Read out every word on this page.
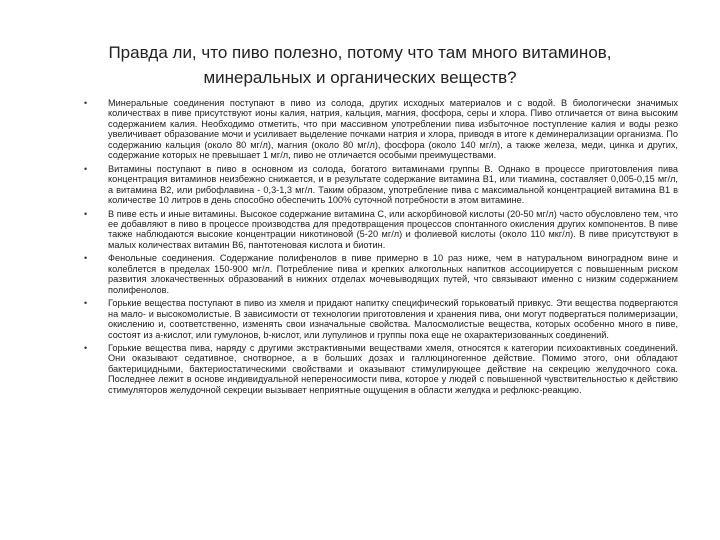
Правда ли, что пиво полезно, потому что там много витаминов, минеральных и органических веществ?
• Минеральные соединения поступают в пиво из солода, других исходных материалов и с водой. В биологически значимых количествах в пиве присутствуют ионы калия, натрия, кальция, магния, фосфора, серы и хлора. Пиво отличается от вина высоким содержанием калия. Необходимо отметить, что при массивном употреблении пива избыточное поступление калия и воды резко увеличивает образование мочи и усиливает выделение почками натрия и хлора, приводя в итоге к деминерализации организма. По содержанию кальция (около 80 мг/л), магния (около 80 мг/л), фосфора (около 140 мг/л), а также железа, меди, цинка и других, содержание которых не превышает 1 мг/л, пиво не отличается особыми преимуществами.
• Витамины поступают в пиво в основном из солода, богатого витаминами группы В. Однако в процессе приготовления пива концентрация витаминов неизбежно снижается, и в результате содержание витамина В1, или тиамина, составляет 0,005-0,15 мг/л, а витамина В2, или рибофлавина - 0,3-1,3 мг/л. Таким образом, употребление пива с максимальной концентрацией витамина В1 в количестве 10 литров в день способно обеспечить 100% суточной потребности в этом витамине.
• В пиве есть и иные витамины. Высокое содержание витамина С, или аскорбиновой кислоты (20-50 мг/л) часто обусловлено тем, что ее добавляют в пиво в процессе производства для предотвращения процессов спонтанного окисления других компонентов. В пиве также наблюдаются высокие концентрации никотиновой (5-20 мг/л) и фолиевой кислоты (около 110 мкг/л). В пиве присутствуют в малых количествах витамин В6, пантотеновая кислота и биотин.
• Фенольные соединения. Содержание полифенолов в пиве примерно в 10 раз ниже, чем в натуральном виноградном вине и колеблется в пределах 150-900 мг/л. Потребление пива и крепких алкогольных напитков ассоциируется с повышенным риском развития злокачественных образований в нижних отделах мочевыводящих путей, что связывают именно с низким содержанием полифенолов.
• Горькие вещества поступают в пиво из хмеля и придают напитку специфический горьковатый привкус. Эти вещества подвергаются на мало- и высокомолистые. В зависимости от технологии приготовления и хранения пива, они могут подвергаться полимеризации, окислению и, соответственно, изменять свои изначальные свойства. Малосмолистые вещества, которых особенно много в пиве, состоят из а-кислот, или гумулонов, b-кислот, или лупулинов и группы пока еще не охарактеризованных соединений.
• Горькие вещества пива, наряду с другими экстрактивными веществами хмеля, относятся к категории психоактивных соединений. Они оказывают седативное, снотворное, а в больших дозах и галлюциногенное действие. Помимо этого, они обладают бактерицидными, бактериостатическими свойствами и оказывают стимулирующее действие на секрецию желудочного сока. Последнее лежит в основе индивидуальной непереносимости пива, которое у людей с повышенной чувствительностью к действию стимуляторов желудочной секреции вызывает неприятные ощущения в области желудка и рефлюкс-реакцию.
